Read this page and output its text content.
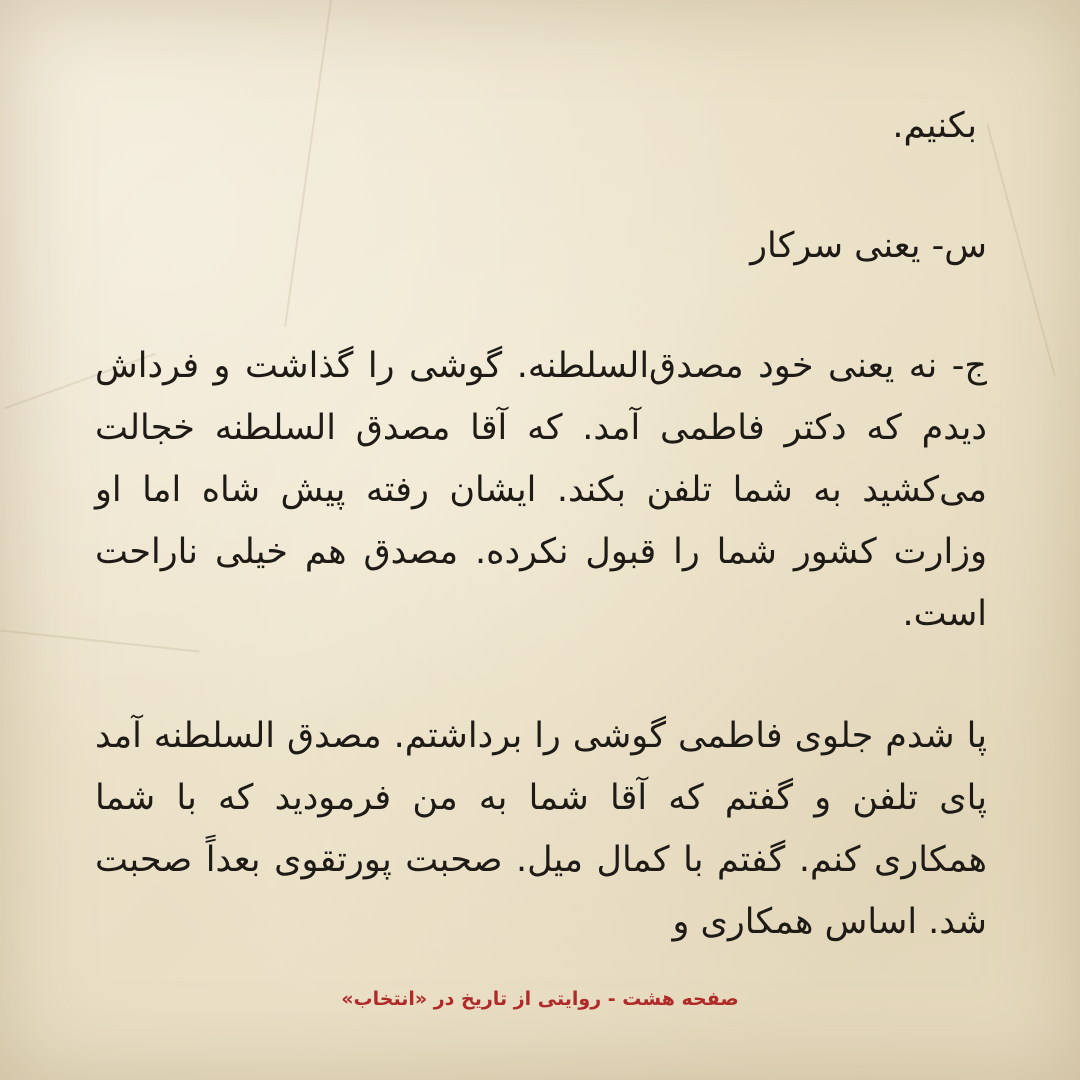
بکنیم.

س- یعنی سرکار

ج- نه یعنی خود مصدق‌السلطنه. گوشی را گذاشت و فرداش دیدم که دکتر فاطمی آمد. که آقا مصدق السلطنه خجالت می‌کشید به شما تلفن بکند. ایشان رفته پیش شاه اما او وزارت کشور شما را قبول نکرده. مصدق هم خیلی ناراحت است.

پا شدم جلوی فاطمی گوشی را برداشتم. مصدق السلطنه آمد پای تلفن و گفتم که آقا شما به من فرمودید که با شما همکاری کنم. گفتم با کمال میل. صحبت پورتقوی بعداً صحبت شد. اساس همکاری و

صفحه هشت - روایتی از تاریخ در «انتخاب»
